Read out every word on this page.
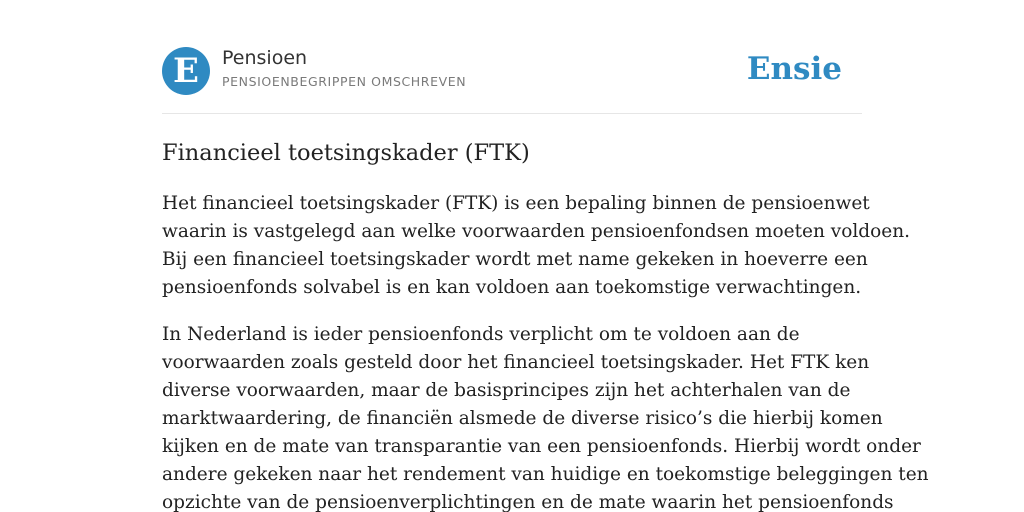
E	Pensioen
PENSIOENBEGRIPPEN OMSCHREVEN	Ensie
Financieel toetsingskader (FTK)

Het financieel toetsingskader (FTK) is een bepaling binnen de pensioenwet
waarin is vastgelegd aan welke voorwaarden pensioenfondsen moeten voldoen.
Bij een financieel toetsingskader wordt met name gekeken in hoeverre een
pensioenfonds solvabel is en kan voldoen aan toekomstige verwachtingen.

In Nederland is ieder pensioenfonds verplicht om te voldoen aan de
voorwaarden zoals gesteld door het financieel toetsingskader. Het FTK ken
diverse voorwaarden, maar de basisprincipes zijn het achterhalen van de
marktwaardering, de financiën alsmede de diverse risico’s die hierbij komen
kijken en de mate van transparantie van een pensioenfonds. Hierbij wordt onder
andere gekeken naar het rendement van huidige en toekomstige beleggingen ten
opzichte van de pensioenverplichtingen en de mate waarin het pensioenfonds
